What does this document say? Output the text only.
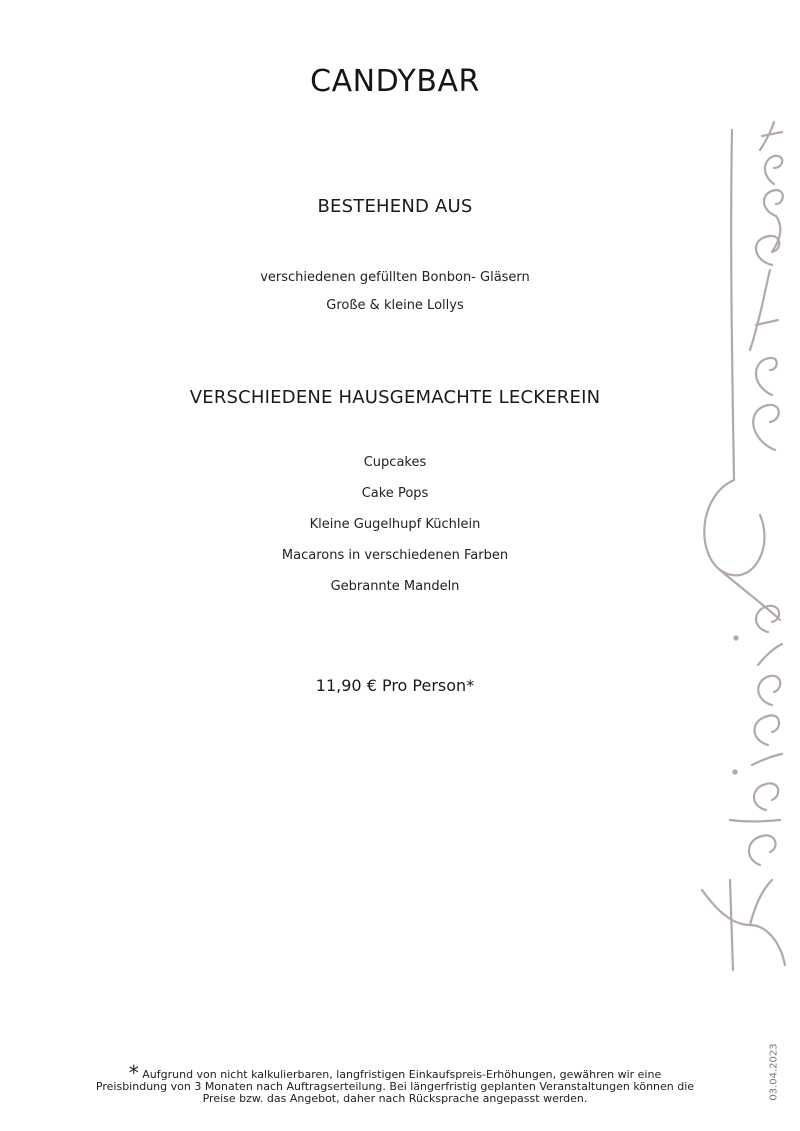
CANDYBAR
BESTEHEND AUS
verschiedenen gefüllten Bonbon- Gläsern
Große & kleine Lollys
VERSCHIEDENE HAUSGEMACHTE LECKEREIN
Cupcakes
Cake Pops
Kleine Gugelhupf Küchlein
Macarons in verschiedenen Farben
Gebrannte Mandeln
11,90 € Pro Person*
* Aufgrund von nicht kalkulierbaren, langfristigen Einkaufspreis-Erhöhungen, gewähren wir eine Preisbindung von 3 Monaten nach Auftragserteilung. Bei längerfristig geplanten Veranstaltungen können die Preise bzw. das Angebot, daher nach Rücksprache angepasst werden.	03.04.2023
